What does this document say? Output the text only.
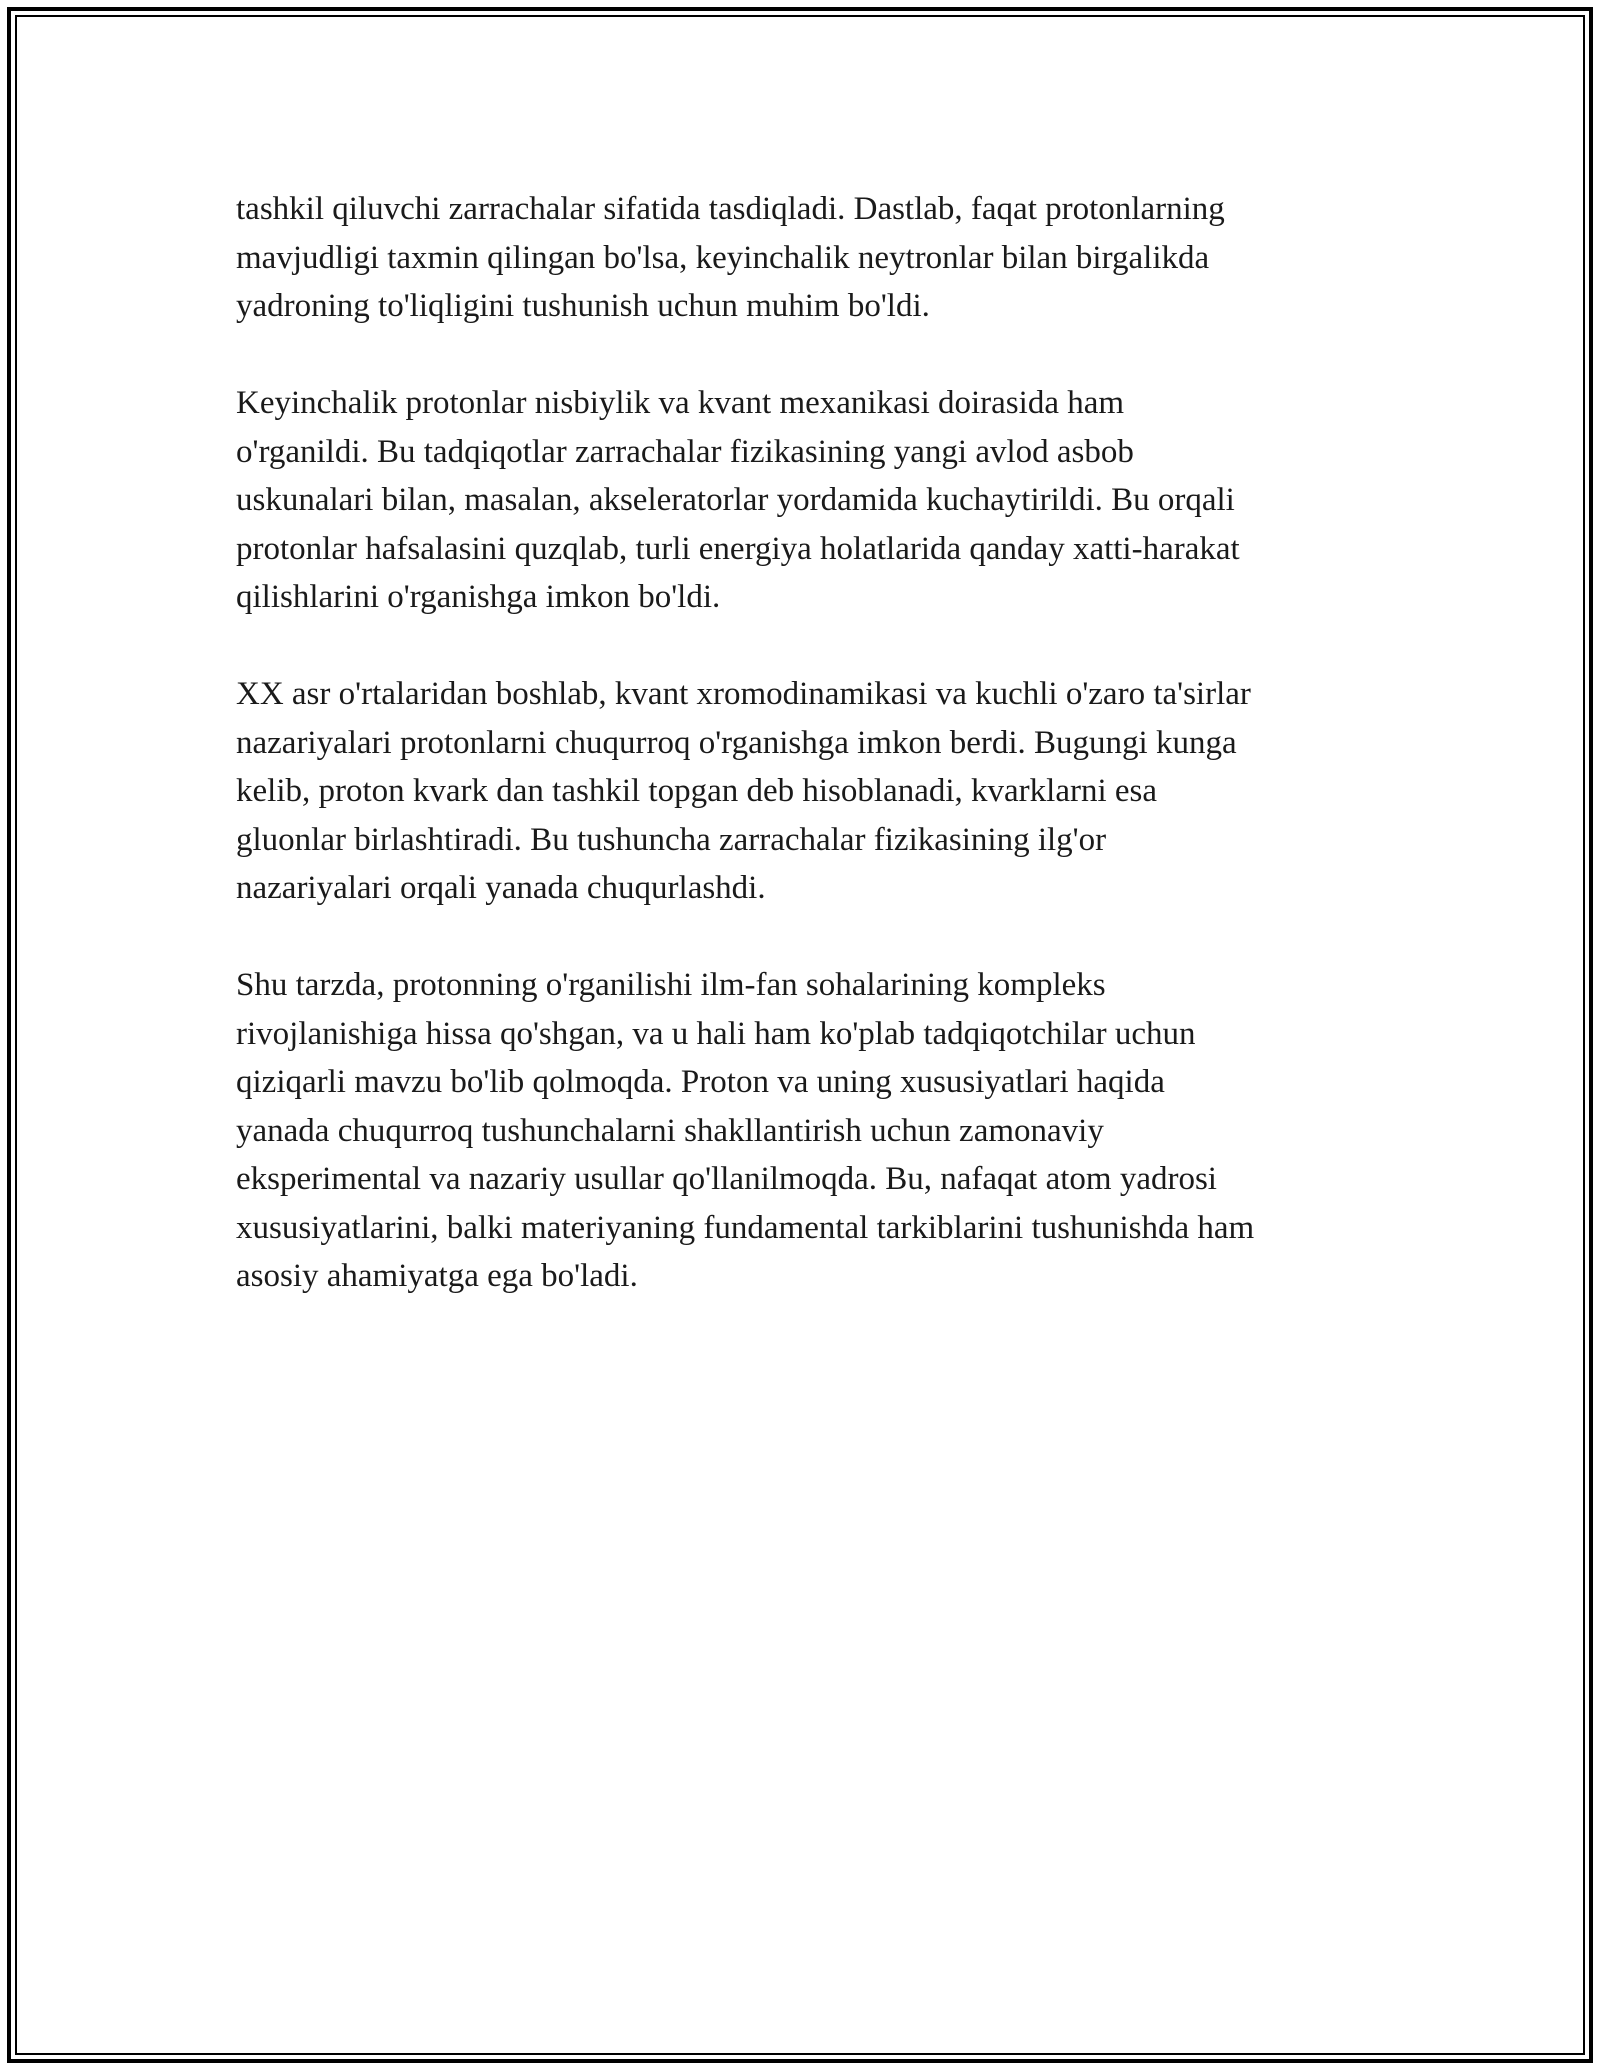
tashkil qiluvchi zarrachalar sifatida tasdiqladi. Dastlab, faqat protonlarning
mavjudligi taxmin qilingan bo'lsa, keyinchalik neytronlar bilan birgalikda
yadroning to'liqligini tushunish uchun muhim bo'ldi.

Keyinchalik protonlar nisbiylik va kvant mexanikasi doirasida ham
o'rganildi. Bu tadqiqotlar zarrachalar fizikasining yangi avlod asbob
uskunalari bilan, masalan, akseleratorlar yordamida kuchaytirildi. Bu orqali
protonlar hafsalasini quzqlab, turli energiya holatlarida qanday xatti-harakat
qilishlarini o'rganishga imkon bo'ldi.

XX asr o'rtalaridan boshlab, kvant xromodinamikasi va kuchli o'zaro ta'sirlar
nazariyalari protonlarni chuqurroq o'rganishga imkon berdi. Bugungi kunga
kelib, proton kvark dan tashkil topgan deb hisoblanadi, kvarklarni esa
gluonlar birlashtiradi. Bu tushuncha zarrachalar fizikasining ilg'or
nazariyalari orqali yanada chuqurlashdi.

Shu tarzda, protonning o'rganilishi ilm-fan sohalarining kompleks
rivojlanishiga hissa qo'shgan, va u hali ham ko'plab tadqiqotchilar uchun
qiziqarli mavzu bo'lib qolmoqda. Proton va uning xususiyatlari haqida
yanada chuqurroq tushunchalarni shakllantirish uchun zamonaviy
eksperimental va nazariy usullar qo'llanilmoqda. Bu, nafaqat atom yadrosi
xususiyatlarini, balki materiyaning fundamental tarkiblarini tushunishda ham
asosiy ahamiyatga ega bo'ladi.
